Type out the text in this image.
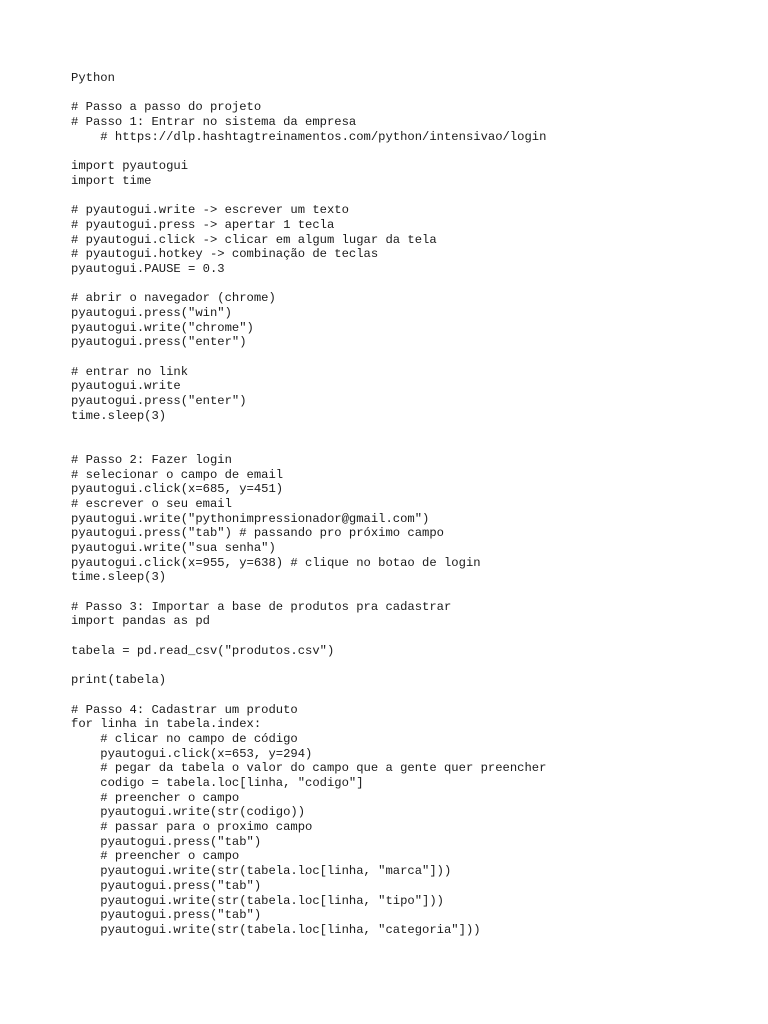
Python

# Passo a passo do projeto
# Passo 1: Entrar no sistema da empresa
# https://dlp.hashtagtreinamentos.com/python/intensivao/login

import pyautogui
import time

# pyautogui.write -> escrever um texto
# pyautogui.press -> apertar 1 tecla
# pyautogui.click -> clicar em algum lugar da tela
# pyautogui.hotkey -> combinação de teclas
pyautogui.PAUSE = 0.3

# abrir o navegador (chrome)
pyautogui.press("win")
pyautogui.write("chrome")
pyautogui.press("enter")

# entrar no link
pyautogui.write
pyautogui.press("enter")
time.sleep(3)

# Passo 2: Fazer login
# selecionar o campo de email
pyautogui.click(x=685, y=451)
# escrever o seu email
pyautogui.write("pythonimpressionador@gmail.com")
pyautogui.press("tab") # passando pro próximo campo
pyautogui.write("sua senha")
pyautogui.click(x=955, y=638) # clique no botao de login
time.sleep(3)

# Passo 3: Importar a base de produtos pra cadastrar
import pandas as pd

tabela = pd.read_csv("produtos.csv")

print(tabela)

# Passo 4: Cadastrar um produto
for linha in tabela.index:
# clicar no campo de código
pyautogui.click(x=653, y=294)
# pegar da tabela o valor do campo que a gente quer preencher
codigo = tabela.loc[linha, "codigo"]
# preencher o campo
pyautogui.write(str(codigo))
# passar para o proximo campo
pyautogui.press("tab")
# preencher o campo
pyautogui.write(str(tabela.loc[linha, "marca"]))
pyautogui.press("tab")
pyautogui.write(str(tabela.loc[linha, "tipo"]))
pyautogui.press("tab")
pyautogui.write(str(tabela.loc[linha, "categoria"]))
